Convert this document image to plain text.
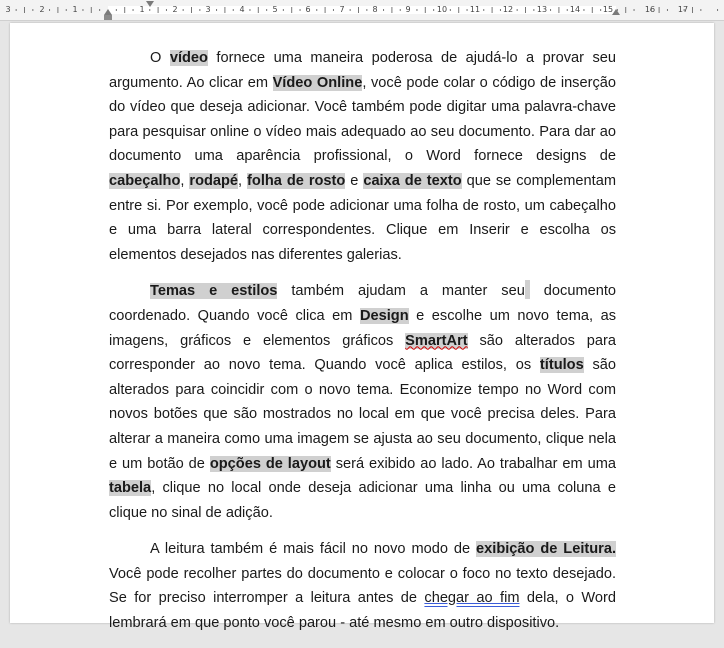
3	2	1	1	2	3	4	5	6	7	8	9	10	11	12	13	14	15	16	17

O vídeo fornece uma maneira poderosa de ajudá-lo a provar seu argumento. Ao clicar em Vídeo Online, você pode colar o código de inserção do vídeo que deseja adicionar. Você também pode digitar uma palavra-chave para pesquisar online o vídeo mais adequado ao seu documento. Para dar ao documento uma aparência profissional, o Word fornece designs de cabeçalho, rodapé, folha de rosto e caixa de texto que se complementam entre si. Por exemplo, você pode adicionar uma folha de rosto, um cabeçalho e uma barra lateral correspondentes. Clique em Inserir e escolha os elementos desejados nas diferentes galerias.

Temas e estilos também ajudam a manter seu documento coordenado. Quando você clica em Design e escolhe um novo tema, as imagens, gráficos e elementos gráficos SmartArt são alterados para corresponder ao novo tema. Quando você aplica estilos, os títulos são alterados para coincidir com o novo tema. Economize tempo no Word com novos botões que são mostrados no local em que você precisa deles. Para alterar a maneira como uma imagem se ajusta ao seu documento, clique nela e um botão de opções de layout será exibido ao lado. Ao trabalhar em uma tabela, clique no local onde deseja adicionar uma linha ou uma coluna e clique no sinal de adição.

A leitura também é mais fácil no novo modo de exibição de Leitura. Você pode recolher partes do documento e colocar o foco no texto desejado. Se for preciso interromper a leitura antes de chegar ao fim dela, o Word lembrará em que ponto você parou - até mesmo em outro dispositivo.
